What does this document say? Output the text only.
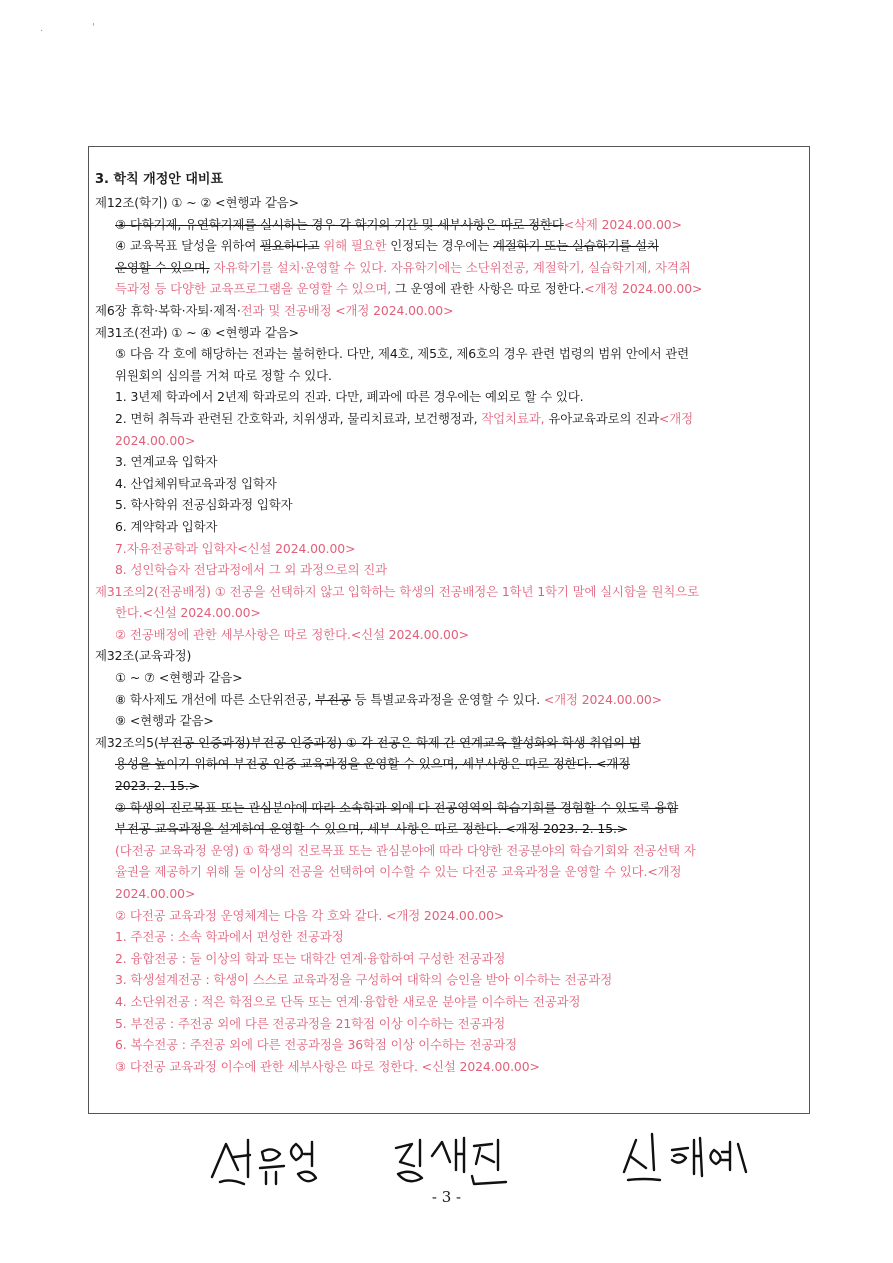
·	'

3. 학칙 개정안 대비표

제12조(학기) ① ~ ② <현행과 같음>

③ 다학기제, 유연학기제를 실시하는 경우 각 학기의 기간 및 세부사항은 따로 정한다<삭제 2024.00.00>

④ 교육목표 달성을 위하여 필요하다고 위해 필요한 인정되는 경우에는 계절학기 또는 실습학기를 설치

운영할 수 있으며, 자유학기를 설치·운영할 수 있다. 자유학기에는 소단위전공, 계절학기, 실습학기제, 자격취

득과정 등 다양한 교육프로그램을 운영할 수 있으며, 그 운영에 관한 사항은 따로 정한다.<개정 2024.00.00>

제6장 휴학·복학·자퇴·제적·전과 및 전공배정 <개정 2024.00.00>

제31조(전과) ① ~ ④ <현행과 같음>

⑤ 다음 각 호에 해당하는 전과는 불허한다. 다만, 제4호, 제5호, 제6호의 경우 관련 법령의 범위 안에서 관련

위원회의 심의를 거쳐 따로 정할 수 있다.

1. 3년제 학과에서 2년제 학과로의 진과. 다만, 폐과에 따른 경우에는 예외로 할 수 있다.

2. 면허 취득과 관련된 간호학과, 치위생과, 물리치료과, 보건행정과, 작업치료과, 유아교육과로의 진과<개정

2024.00.00>

3. 연계교육 입학자

4. 산업체위탁교육과정 입학자

5. 학사학위 전공심화과정 입학자

6. 계약학과 입학자

7.자유전공학과 입학자<신설 2024.00.00>

8. 성인학습자 전담과정에서 그 외 과정으로의 진과

제31조의2(전공배정) ① 전공을 선택하지 않고 입학하는 학생의 전공배정은 1학년 1학기 말에 실시함을 원칙으로

한다.<신설 2024.00.00>

② 전공배정에 관한 세부사항은 따로 정한다.<신설 2024.00.00>

제32조(교육과정)

① ~ ⑦ <현행과 같음>

⑧ 학사제도 개선에 따른 소단위전공, 부전공 등 특별교육과정을 운영할 수 있다. <개정 2024.00.00>

⑨ <현행과 같음>

제32조의5(부전공 인증과정)부전공 인증과정) ① 각 전공은 학제 간 연계교육 활성화와 학생 취업의 범

용성을 높이기 위하여 부전공 인증 교육과정을 운영할 수 있으며, 세부사항은 따로 정한다. <개정

2023. 2. 15.>

② 학생의 진로목표 또는 관심분야에 따라 소속학과 외에 다 전공영역의 학습기회를 경험할 수 있도록 융합

부전공 교육과정을 설계하여 운영할 수 있으며, 세부 사항은 따로 정한다. <개정 2023. 2. 15.>

(다전공 교육과정 운영) ① 학생의 진로목표 또는 관심분야에 따라 다양한 전공분야의 학습기회와 전공선택 자

율권을 제공하기 위해 둘 이상의 전공을 선택하여 이수할 수 있는 다전공 교육과정을 운영할 수 있다.<개정

2024.00.00>

② 다전공 교육과정 운영체계는 다음 각 호와 같다. <개정 2024.00.00>

1. 주전공 : 소속 학과에서 편성한 전공과정

2. 융합전공 : 둘 이상의 학과 또는 대학간 연계·융합하여 구성한 전공과정

3. 학생설계전공 : 학생이 스스로 교육과정을 구성하여 대학의 승인을 받아 이수하는 전공과정

4. 소단위전공 : 적은 학점으로 단독 또는 연계·융합한 새로운 분야를 이수하는 전공과정

5. 부전공 : 주전공 외에 다른 전공과정을 21학점 이상 이수하는 전공과정

6. 복수전공 : 주전공 외에 다른 전공과정을 36학점 이상 이수하는 전공과정

③ 다전공 교육과정 이수에 관한 세부사항은 따로 정한다. <신설 2024.00.00>

- 3 -
